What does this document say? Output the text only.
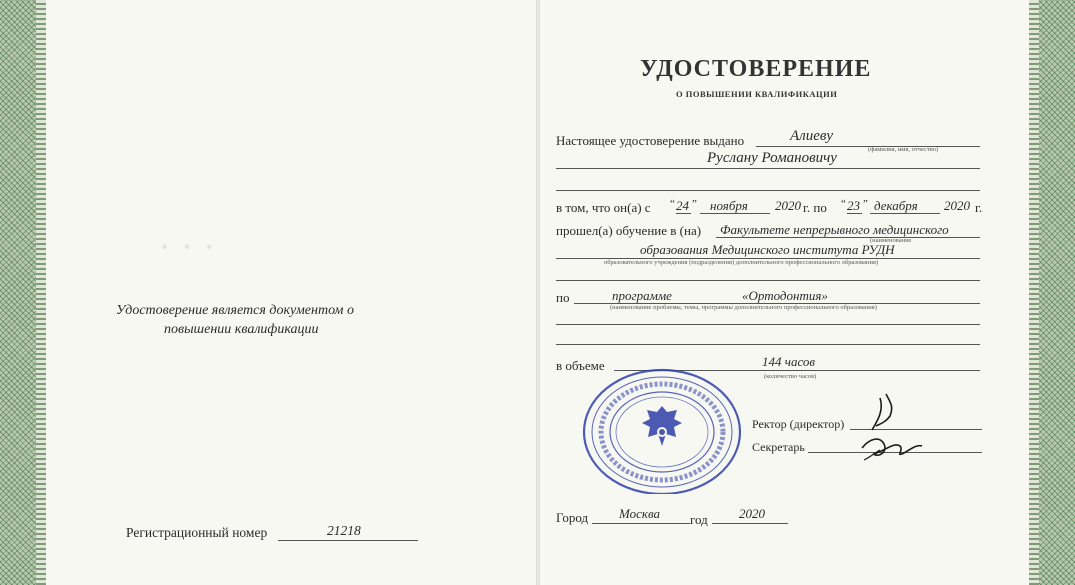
· · ·
Удостоверение является документом о
повышении квалификации
Регистрационный номер	21218
УДОСТОВЕРЕНИЕ
О ПОВЫШЕНИИ КВАЛИФИКАЦИИ
Настоящее удостоверение выдано	Алиеву
(фамилия, имя, отчество)
Руслану Романовичу
в том, что он(а) с “ 24 ” ноября 2020 г. по “ 23 ” декабря 2020 г.
прошел(а) обучение в (на) Факультете непрерывного медицинского
(наименование
образования Медицинского института РУДН
образовательного учреждения (подразделения) дополнительного профессионального образования)
по	программе	«Ортодонтия»
(наименование проблемы, темы, программы дополнительного профессионального образования)
в объеме	144 часов
(количество часов)
Ректор (директор)
Секретарь
Город Москва год 2020
